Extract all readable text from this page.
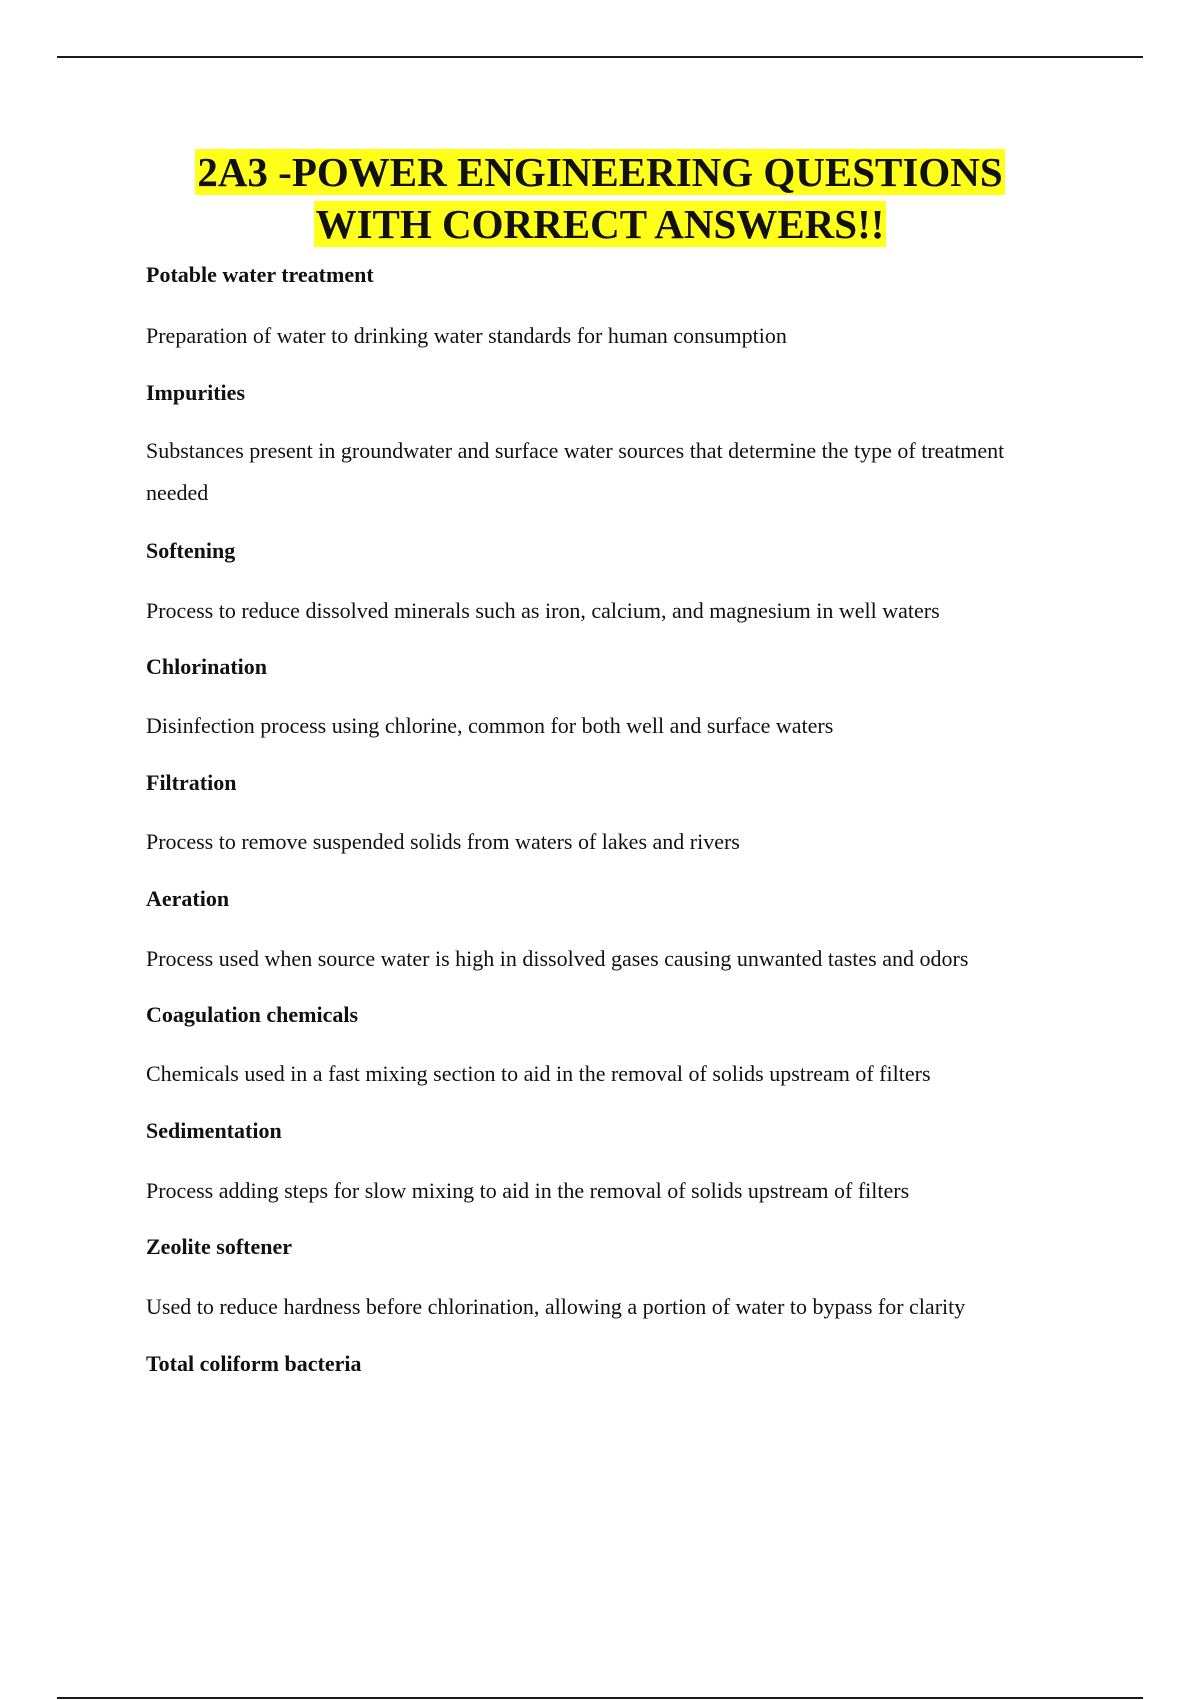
2A3 -POWER ENGINEERING QUESTIONS
WITH CORRECT ANSWERS!!
Potable water treatment
Preparation of water to drinking water standards for human consumption
Impurities
Substances present in groundwater and surface water sources that determine the type of treatment needed
Softening
Process to reduce dissolved minerals such as iron, calcium, and magnesium in well waters
Chlorination
Disinfection process using chlorine, common for both well and surface waters
Filtration
Process to remove suspended solids from waters of lakes and rivers
Aeration
Process used when source water is high in dissolved gases causing unwanted tastes and odors
Coagulation chemicals
Chemicals used in a fast mixing section to aid in the removal of solids upstream of filters
Sedimentation
Process adding steps for slow mixing to aid in the removal of solids upstream of filters
Zeolite softener
Used to reduce hardness before chlorination, allowing a portion of water to bypass for clarity
Total coliform bacteria
